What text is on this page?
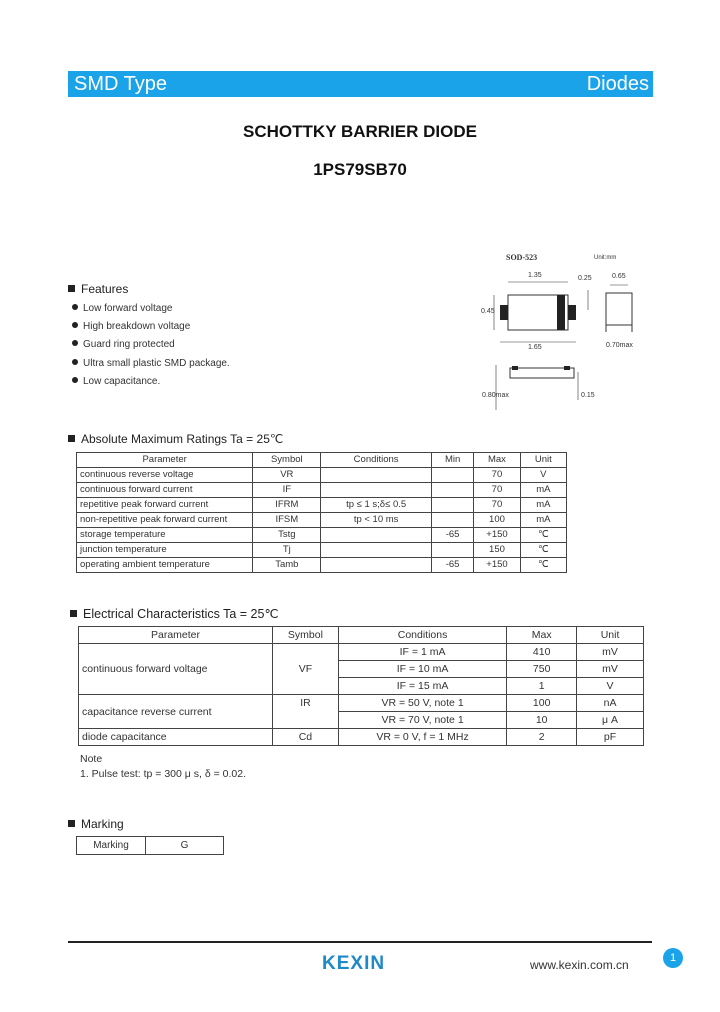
SMD Type	Diodes
SCHOTTKY BARRIER DIODE
1PS79SB70
SOD-523	Unit:mm
1.35	0.65
0.45
1.65	0.70max
0.80max
0.25
0.15
Features
Low forward voltage
High breakdown voltage
Guard ring protected
Ultra small plastic SMD package.
Low capacitance.
Absolute Maximum Ratings Ta = 25℃
Parameter	Symbol	Conditions	Min	Max	Unit
continuous reverse voltage	VR			70	V
continuous forward current	IF			70	mA
repetitive peak forward current	IFRM	tp ≤ 1 s;δ≤ 0.5		70	mA
non-repetitive peak forward current	IFSM	tp < 10 ms		100	mA
storage temperature	Tstg		-65	+150	℃
junction temperature	Tj			150	℃
operating ambient temperature	Tamb		-65	+150	℃
Electrical Characteristics Ta = 25℃
Parameter	Symbol	Conditions	Max	Unit
continuous forward voltage	VF	IF = 1 mA	410	mV
		IF = 10 mA	750	mV
		IF = 15 mA	1	V
capacitance reverse current	IR	VR = 50 V, note 1	100	nA
		VR = 70 V, note 1	10	μ A
diode capacitance	Cd	VR = 0 V, f = 1 MHz	2	pF
Note
1. Pulse test: tp = 300 μ s, δ = 0.02.
Marking
Marking	G
KEXIN	www.kexin.com.cn	1
